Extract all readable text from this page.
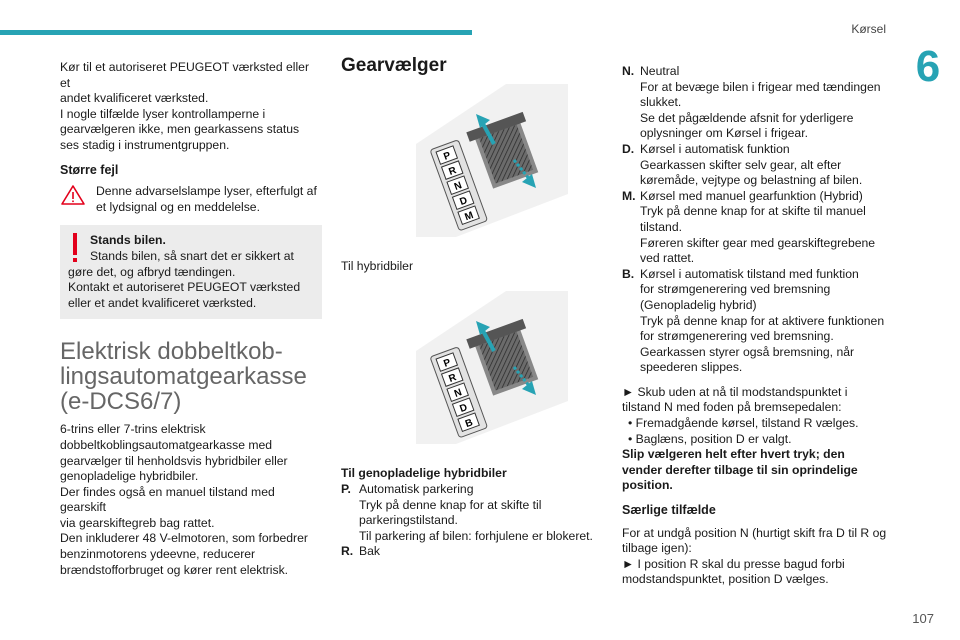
Kørsel
6

Kør til et autoriseret PEUGEOT værksted eller et

andet kvalificeret værksted.

I nogle tilfælde lyser kontrollamperne i

gearvælgeren ikke, men gearkassens status

ses stadig i instrumentgruppen.

Større fejl

Denne advarselslampe lyser, efterfulgt af

et lydsignal og en meddelelse.

Stands bilen.

Stands bilen, så snart det er sikkert at

gøre det, og afbryd tændingen.

Kontakt et autoriseret PEUGEOT værksted

eller et andet kvalificeret værksted.

Elektrisk dobbeltkob-

lingsautomatgearkasse

(e-DCS6/7)

6-trins eller 7-trins elektrisk

dobbeltkoblingsautomatgearkasse med

gearvælger til henholdsvis hybridbiler eller

genopladelige hybridbiler.

Der findes også en manuel tilstand med gearskift

via gearskiftegreb bag rattet.

Den inkluderer 48 V-elmotoren, som forbedrer

benzinmotorens ydeevne, reducerer

brændstofforbruget og kører rent elektrisk.

Gearvælger
P
R
N
D
M

Til hybridbiler

P
R
N
D
B

Til genopladelige hybridbiler

P. Automatisk parkering

Tryk på denne knap for at skifte til

parkeringstilstand.

Til parkering af bilen: forhjulene er blokeret.

R. Bak

N. Neutral

For at bevæge bilen i frigear med tændingen

slukket.

Se det pågældende afsnit for yderligere

oplysninger om Kørsel i frigear.

D. Kørsel i automatisk funktion

Gearkassen skifter selv gear, alt efter

køremåde, vejtype og belastning af bilen.

M. Kørsel med manuel gearfunktion (Hybrid)

Tryk på denne knap for at skifte til manuel

tilstand.

Føreren skifter gear med gearskiftegrebene

ved rattet.

B. Kørsel i automatisk tilstand med funktion

for strømgenerering ved bremsning

(Genopladelig hybrid)

Tryk på denne knap for at aktivere funktionen

for strømgenerering ved bremsning.

Gearkassen styrer også bremsning, når

speederen slippes.

► Skub uden at nå til modstandspunktet i

tilstand N med foden på bremsepedalen:

• Fremadgående kørsel, tilstand R vælges.

• Baglæns, position D er valgt.

Slip vælgeren helt efter hvert tryk; den

vender derefter tilbage til sin oprindelige

position.

Særlige tilfælde

For at undgå position N (hurtigt skift fra D til R og

tilbage igen):

► I position R skal du presse bagud forbi

modstandspunktet, position D vælges.

107
